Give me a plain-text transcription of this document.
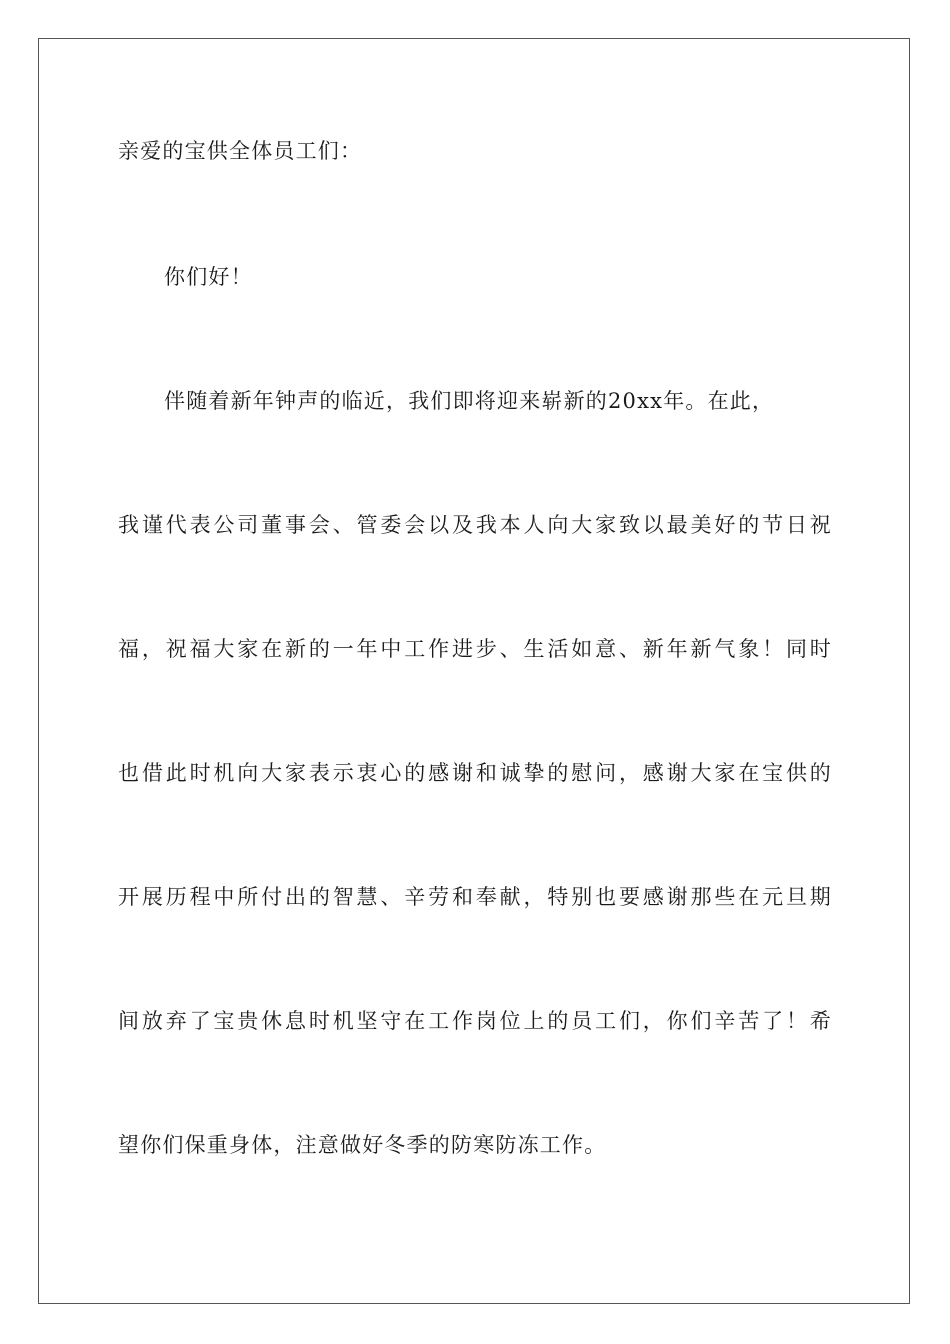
亲爱的宝供全体员工们：
你们好！
伴随着新年钟声的临近，我们即将迎来崭新的20xx年。在此，
我谨代表公司董事会、管委会以及我本人向大家致以最美好的节日祝
福，祝福大家在新的一年中工作进步、生活如意、新年新气象！同时
也借此时机向大家表示衷心的感谢和诚挚的慰问，感谢大家在宝供的
开展历程中所付出的智慧、辛劳和奉献，特别也要感谢那些在元旦期
间放弃了宝贵休息时机坚守在工作岗位上的员工们，你们辛苦了！希
望你们保重身体，注意做好冬季的防寒防冻工作。
